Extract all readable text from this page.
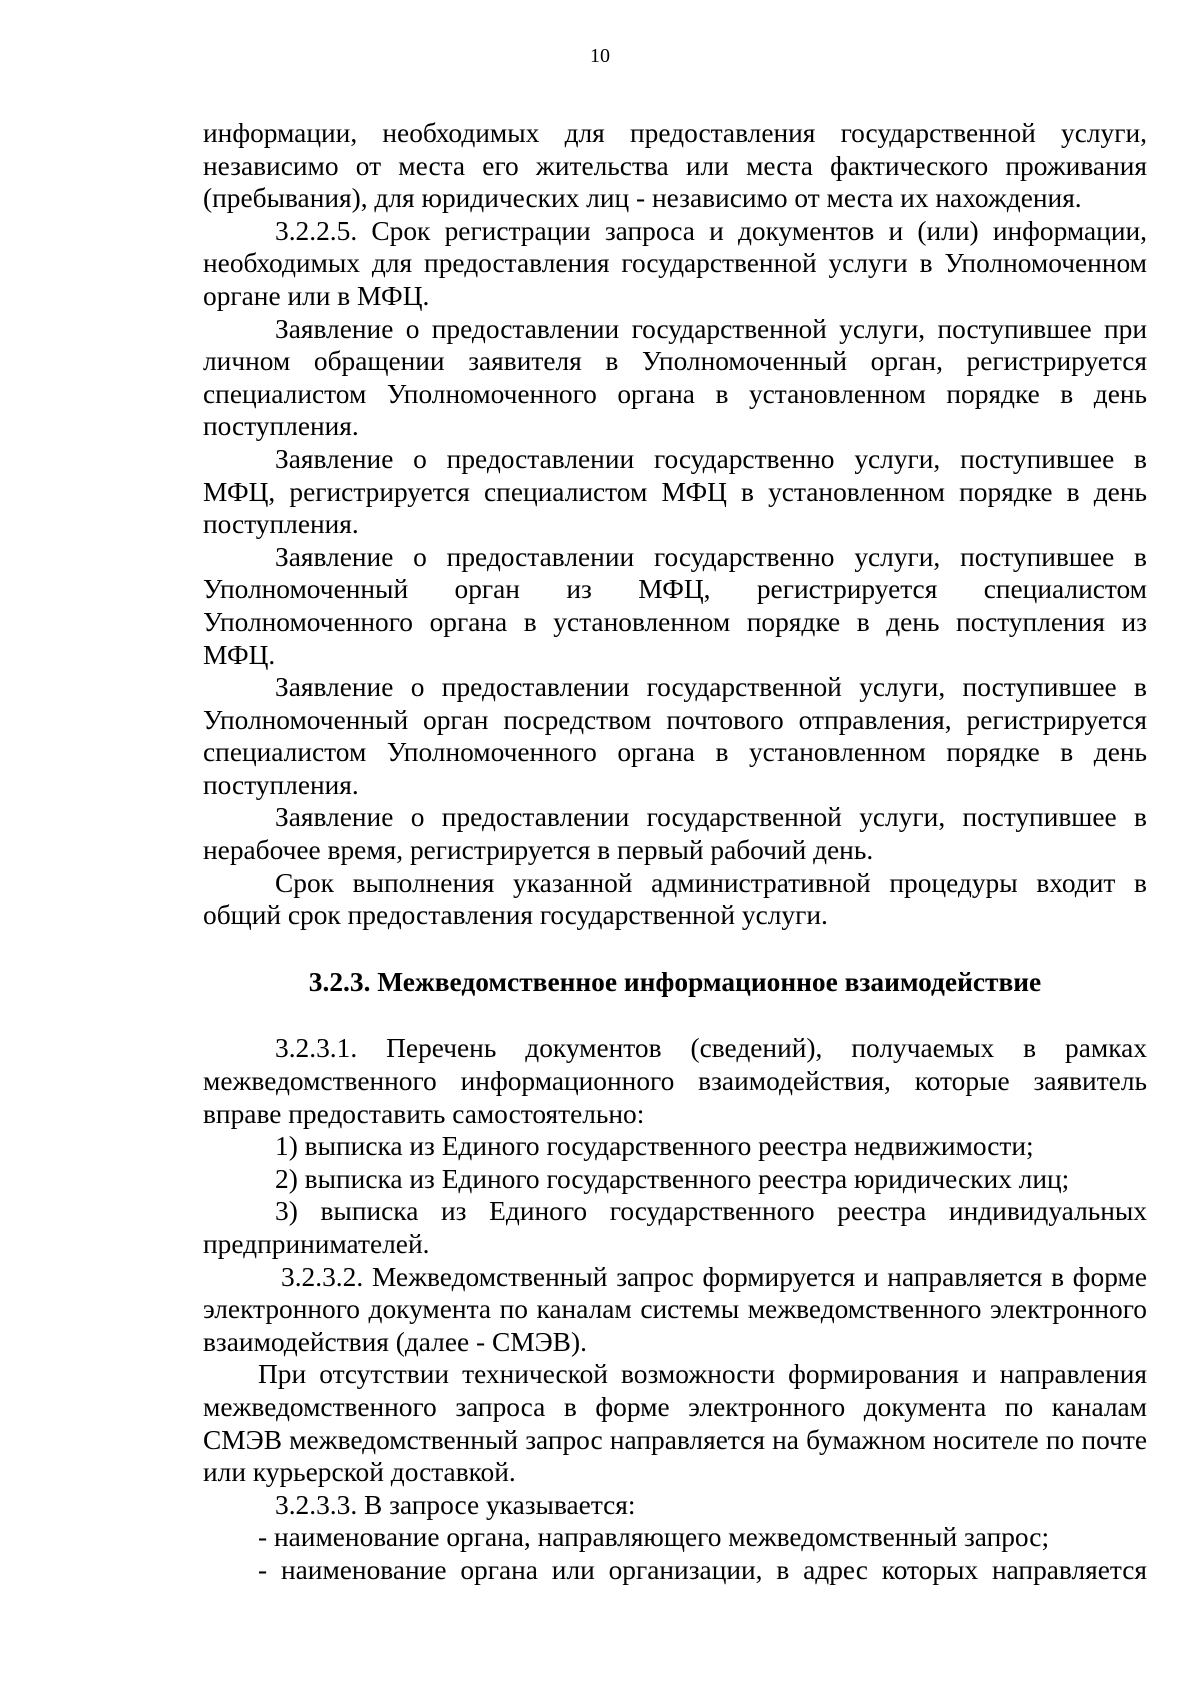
10

информации, необходимых для предоставления государственной услуги, независимо от места его жительства или места фактического проживания (пребывания), для юридических лиц - независимо от места их нахождения.

3.2.2.5. Срок регистрации запроса и документов и (или) информации, необходимых для предоставления государственной услуги в Уполномоченном органе или в МФЦ.

Заявление о предоставлении государственной услуги, поступившее при личном обращении заявителя в Уполномоченный орган, регистрируется специалистом Уполномоченного органа в установленном порядке в день поступления.

Заявление о предоставлении государственно услуги, поступившее в МФЦ, регистрируется специалистом МФЦ в установленном порядке в день поступления.

Заявление о предоставлении государственно услуги, поступившее в Уполномоченный орган из МФЦ, регистрируется специалистом Уполномоченного органа в установленном порядке в день поступления из МФЦ.

Заявление о предоставлении государственной услуги, поступившее в Уполномоченный орган посредством почтового отправления, регистрируется специалистом Уполномоченного органа в установленном порядке в день поступления.

Заявление о предоставлении государственной услуги, поступившее в нерабочее время, регистрируется в первый рабочий день.

Срок выполнения указанной административной процедуры входит в общий срок предоставления государственной услуги.

3.2.3. Межведомственное информационное взаимодействие

3.2.3.1. Перечень документов (сведений), получаемых в рамках межведомственного информационного взаимодействия, которые заявитель вправе предоставить самостоятельно:

1) выписка из Единого государственного реестра недвижимости;

2) выписка из Единого государственного реестра юридических лиц;

3) выписка из Единого государственного реестра индивидуальных предпринимателей.

3.2.3.2. Межведомственный запрос формируется и направляется в форме электронного документа по каналам системы межведомственного электронного взаимодействия (далее - СМЭВ).

При отсутствии технической возможности формирования и направления межведомственного запроса в форме электронного документа по каналам СМЭВ межведомственный запрос направляется на бумажном носителе по почте или курьерской доставкой.

3.2.3.3. В запросе указывается:

- наименование органа, направляющего межведомственный запрос;

- наименование органа или организации, в адрес которых направляется
